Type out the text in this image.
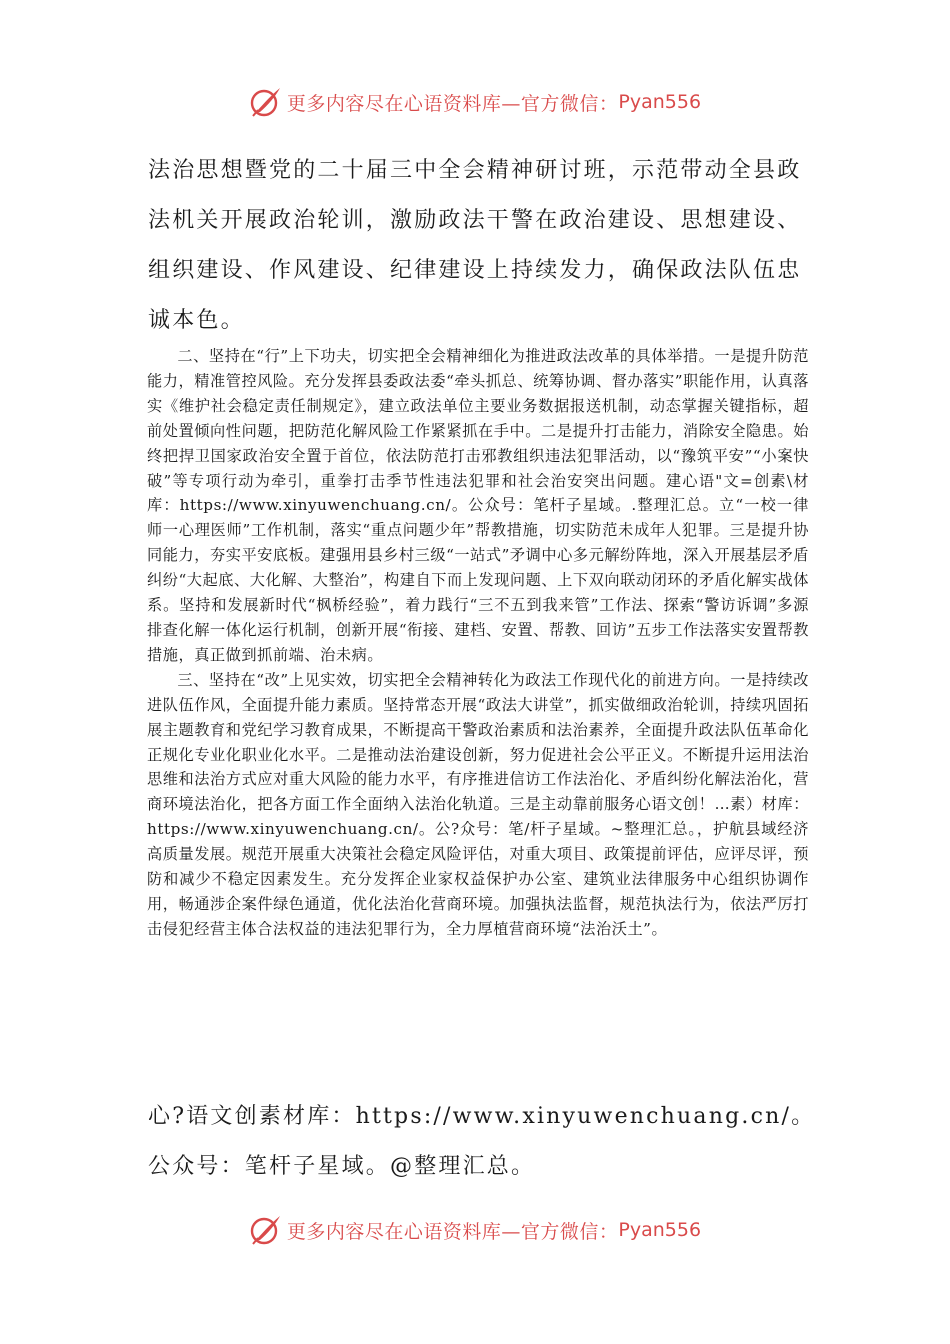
更多内容尽在心语资料库—官方微信： Pyan556

法治思想暨党的二十届三中全会精神研讨班，示范带动全县政法机关开展政治轮训，激励政法干警在政治建设、思想建设、组织建设、作风建设、纪律建设上持续发力，确保政法队伍忠诚本色。

二、坚持在“行”上下功夫，切实把全会精神细化为推进政法改革的具体举措。一是提升防范能力，精准管控风险。充分发挥县委政法委“牵头抓总、统筹协调、督办落实”职能作用，认真落实《维护社会稳定责任制规定》，建立政法单位主要业务数据报送机制，动态掌握关键指标，超前处置倾向性问题，把防范化解风险工作紧紧抓在手中。二是提升打击能力，消除安全隐患。始终把捍卫国家政治安全置于首位，依法防范打击邪教组织违法犯罪活动，以“豫筑平安”“小案快破”等专项行动为牵引，重拳打击季节性违法犯罪和社会治安突出问题。建心语"文=创素\材库：https://www.xinyuwenchuang.cn/。公众号：笔杆子星域。.整理汇总。立“一校一律师一心理医师”工作机制，落实“重点问题少年”帮教措施，切实防范未成年人犯罪。三是提升协同能力，夯实平安底板。建强用县乡村三级“一站式”矛调中心多元解纷阵地，深入开展基层矛盾纠纷“大起底、大化解、大整治”，构建自下而上发现问题、上下双向联动闭环的矛盾化解实战体系。坚持和发展新时代“枫桥经验”，着力践行“三不五到我来管”工作法、探索“警访诉调”多源排查化解一体化运行机制，创新开展“衔接、建档、安置、帮教、回访”五步工作法落实安置帮教措施，真正做到抓前端、治未病。

三、坚持在“改”上见实效，切实把全会精神转化为政法工作现代化的前进方向。一是持续改进队伍作风，全面提升能力素质。坚持常态开展“政法大讲堂”，抓实做细政治轮训，持续巩固拓展主题教育和党纪学习教育成果，不断提高干警政治素质和法治素养，全面提升政法队伍革命化正规化专业化职业化水平。二是推动法治建设创新，努力促进社会公平正义。不断提升运用法治思维和法治方式应对重大风险的能力水平，有序推进信访工作法治化、矛盾纠纷化解法治化，营商环境法治化，把各方面工作全面纳入法治化轨道。三是主动靠前服务心语文创！…素）材库：https://www.xinyuwenchuang.cn/。公?众号：笔/杆子星域。~整理汇总。，护航县域经济高质量发展。规范开展重大决策社会稳定风险评估，对重大项目、政策提前评估，应评尽评，预防和减少不稳定因素发生。充分发挥企业家权益保护办公室、建筑业法律服务中心组织协调作用，畅通涉企案件绿色通道，优化法治化营商环境。加强执法监督，规范执法行为，依法严厉打击侵犯经营主体合法权益的违法犯罪行为，全力厚植营商环境“法治沃土”。

心?语文创素材库：https://www.xinyuwenchuang.cn/。公众号：笔杆子星域。@整理汇总。

更多内容尽在心语资料库—官方微信： Pyan556
